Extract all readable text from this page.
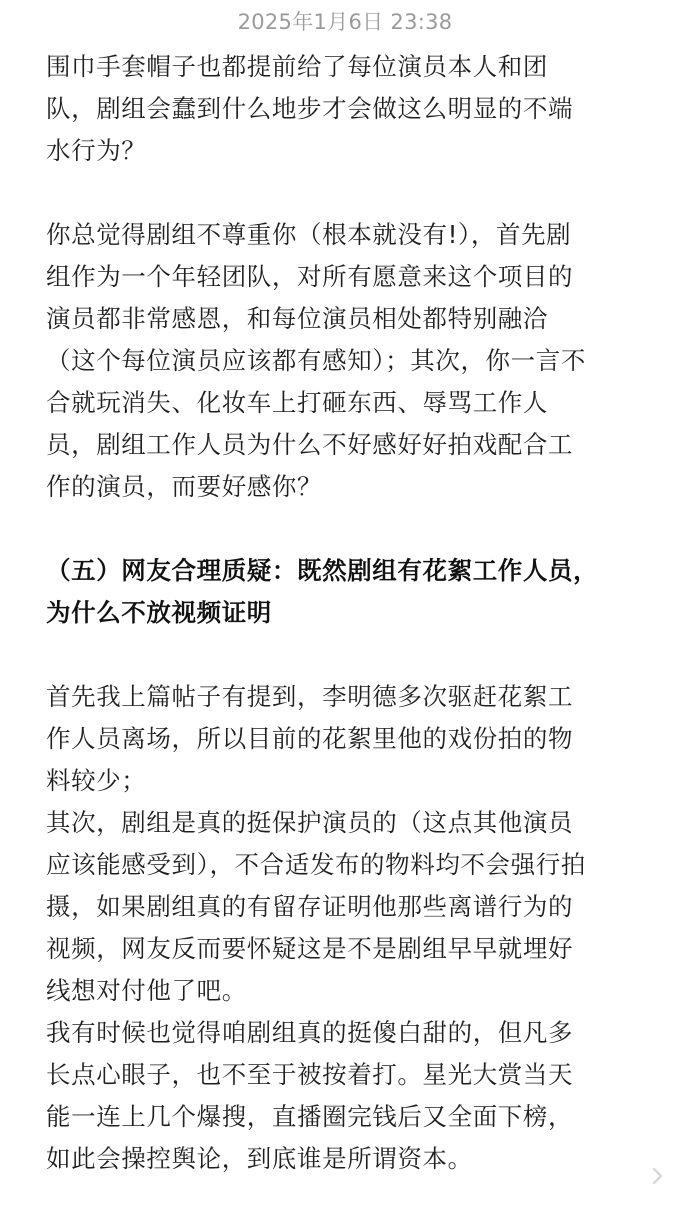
2025年1月6日 23:38
围巾手套帽子也都提前给了每位演员本人和团
队，剧组会蠢到什么地步才会做这么明显的不端
水行为？
你总觉得剧组不尊重你（根本就没有!），首先剧
组作为一个年轻团队，对所有愿意来这个项目的
演员都非常感恩，和每位演员相处都特别融洽
（这个每位演员应该都有感知）；其次，你一言不
合就玩消失、化妆车上打砸东西、辱骂工作人
员，剧组工作人员为什么不好感好好拍戏配合工
作的演员，而要好感你？
（五）网友合理质疑：既然剧组有花絮工作人员，
为什么不放视频证明
首先我上篇帖子有提到，李明德多次驱赶花絮工
作人员离场，所以目前的花絮里他的戏份拍的物
料较少；
其次，剧组是真的挺保护演员的（这点其他演员
应该能感受到），不合适发布的物料均不会强行拍
摄，如果剧组真的有留存证明他那些离谱行为的
视频，网友反而要怀疑这是不是剧组早早就埋好
线想对付他了吧。
我有时候也觉得咱剧组真的挺傻白甜的，但凡多
长点心眼子，也不至于被按着打。星光大赏当天
能一连上几个爆搜，直播圈完钱后又全面下榜，
如此会操控舆论，到底谁是所谓资本。
